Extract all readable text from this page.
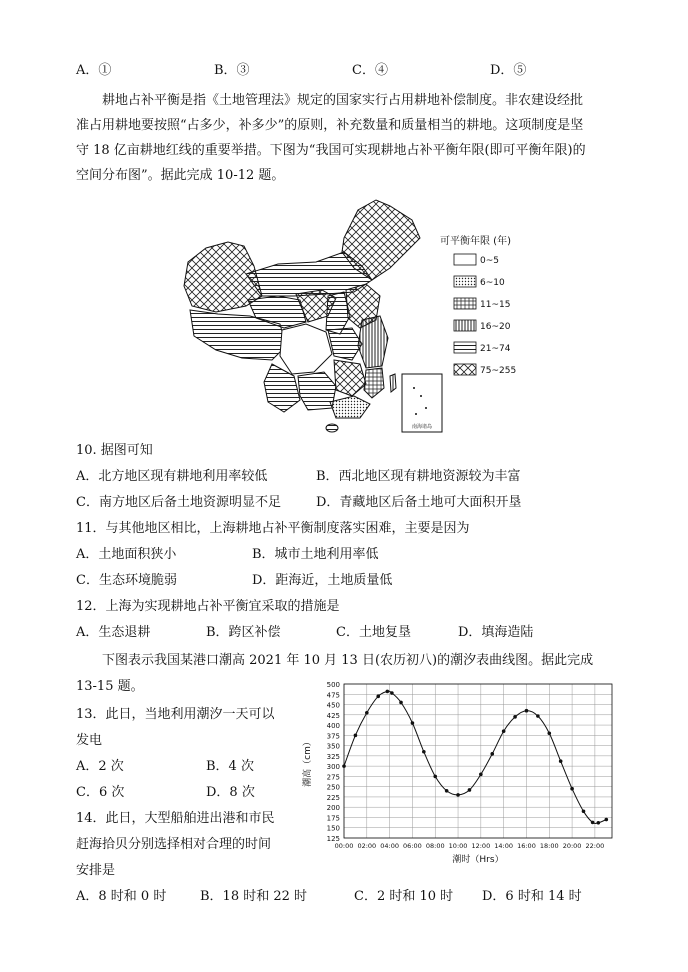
A．①	B．③	C．④	D．⑤
耕地占补平衡是指《土地管理法》规定的国家实行占用耕地补偿制度。非农建设经批
准占用耕地要按照“占多少，补多少”的原则，补充数量和质量相当的耕地。这项制度是坚
守 18 亿亩耕地红线的重要举措。下图为“我国可实现耕地占补平衡年限(即可平衡年限)的
空间分布图”。据此完成 10-12 题。
南海诸岛
可平衡年限 (年)
0~5
6~10
11~15
16~20
21~74
75~255
10. 据图可知
A．北方地区现有耕地利用率较低	B．西北地区现有耕地资源较为丰富
C．南方地区后备土地资源明显不足	D．青藏地区后备土地可大面积开垦
11．与其他地区相比，上海耕地占补平衡制度落实困难，主要是因为
A．土地面积狭小	B．城市土地利用率低
C．生态环境脆弱	D．距海近，土地质量低
12．上海为实现耕地占补平衡宜采取的措施是
A．生态退耕	B．跨区补偿	C．土地复垦	D．填海造陆
下图表示我国某港口潮高 2021 年 10 月 13 日(农历初八)的潮汐表曲线图。据此完成
13-15 题。
13．此日，当地利用潮汐一天可以
发电
A．2 次	B．4 次
C．6 次	D．8 次
14．此日，大型船舶进出港和市民
赶海拾贝分别选择相对合理的时间
安排是
A．8 时和 0 时	B．18 时和 22 时	C．2 时和 10 时 D．6 时和 14 时
125
150
175
200
225
250
275
300
325
350
375
400
425
450
475
500
00:00 02:00 04:00 06:00 08:00 10:00 12:00 14:00 16:00 18:00 20:00 22:00
潮高（cm）
潮时（Hrs）
